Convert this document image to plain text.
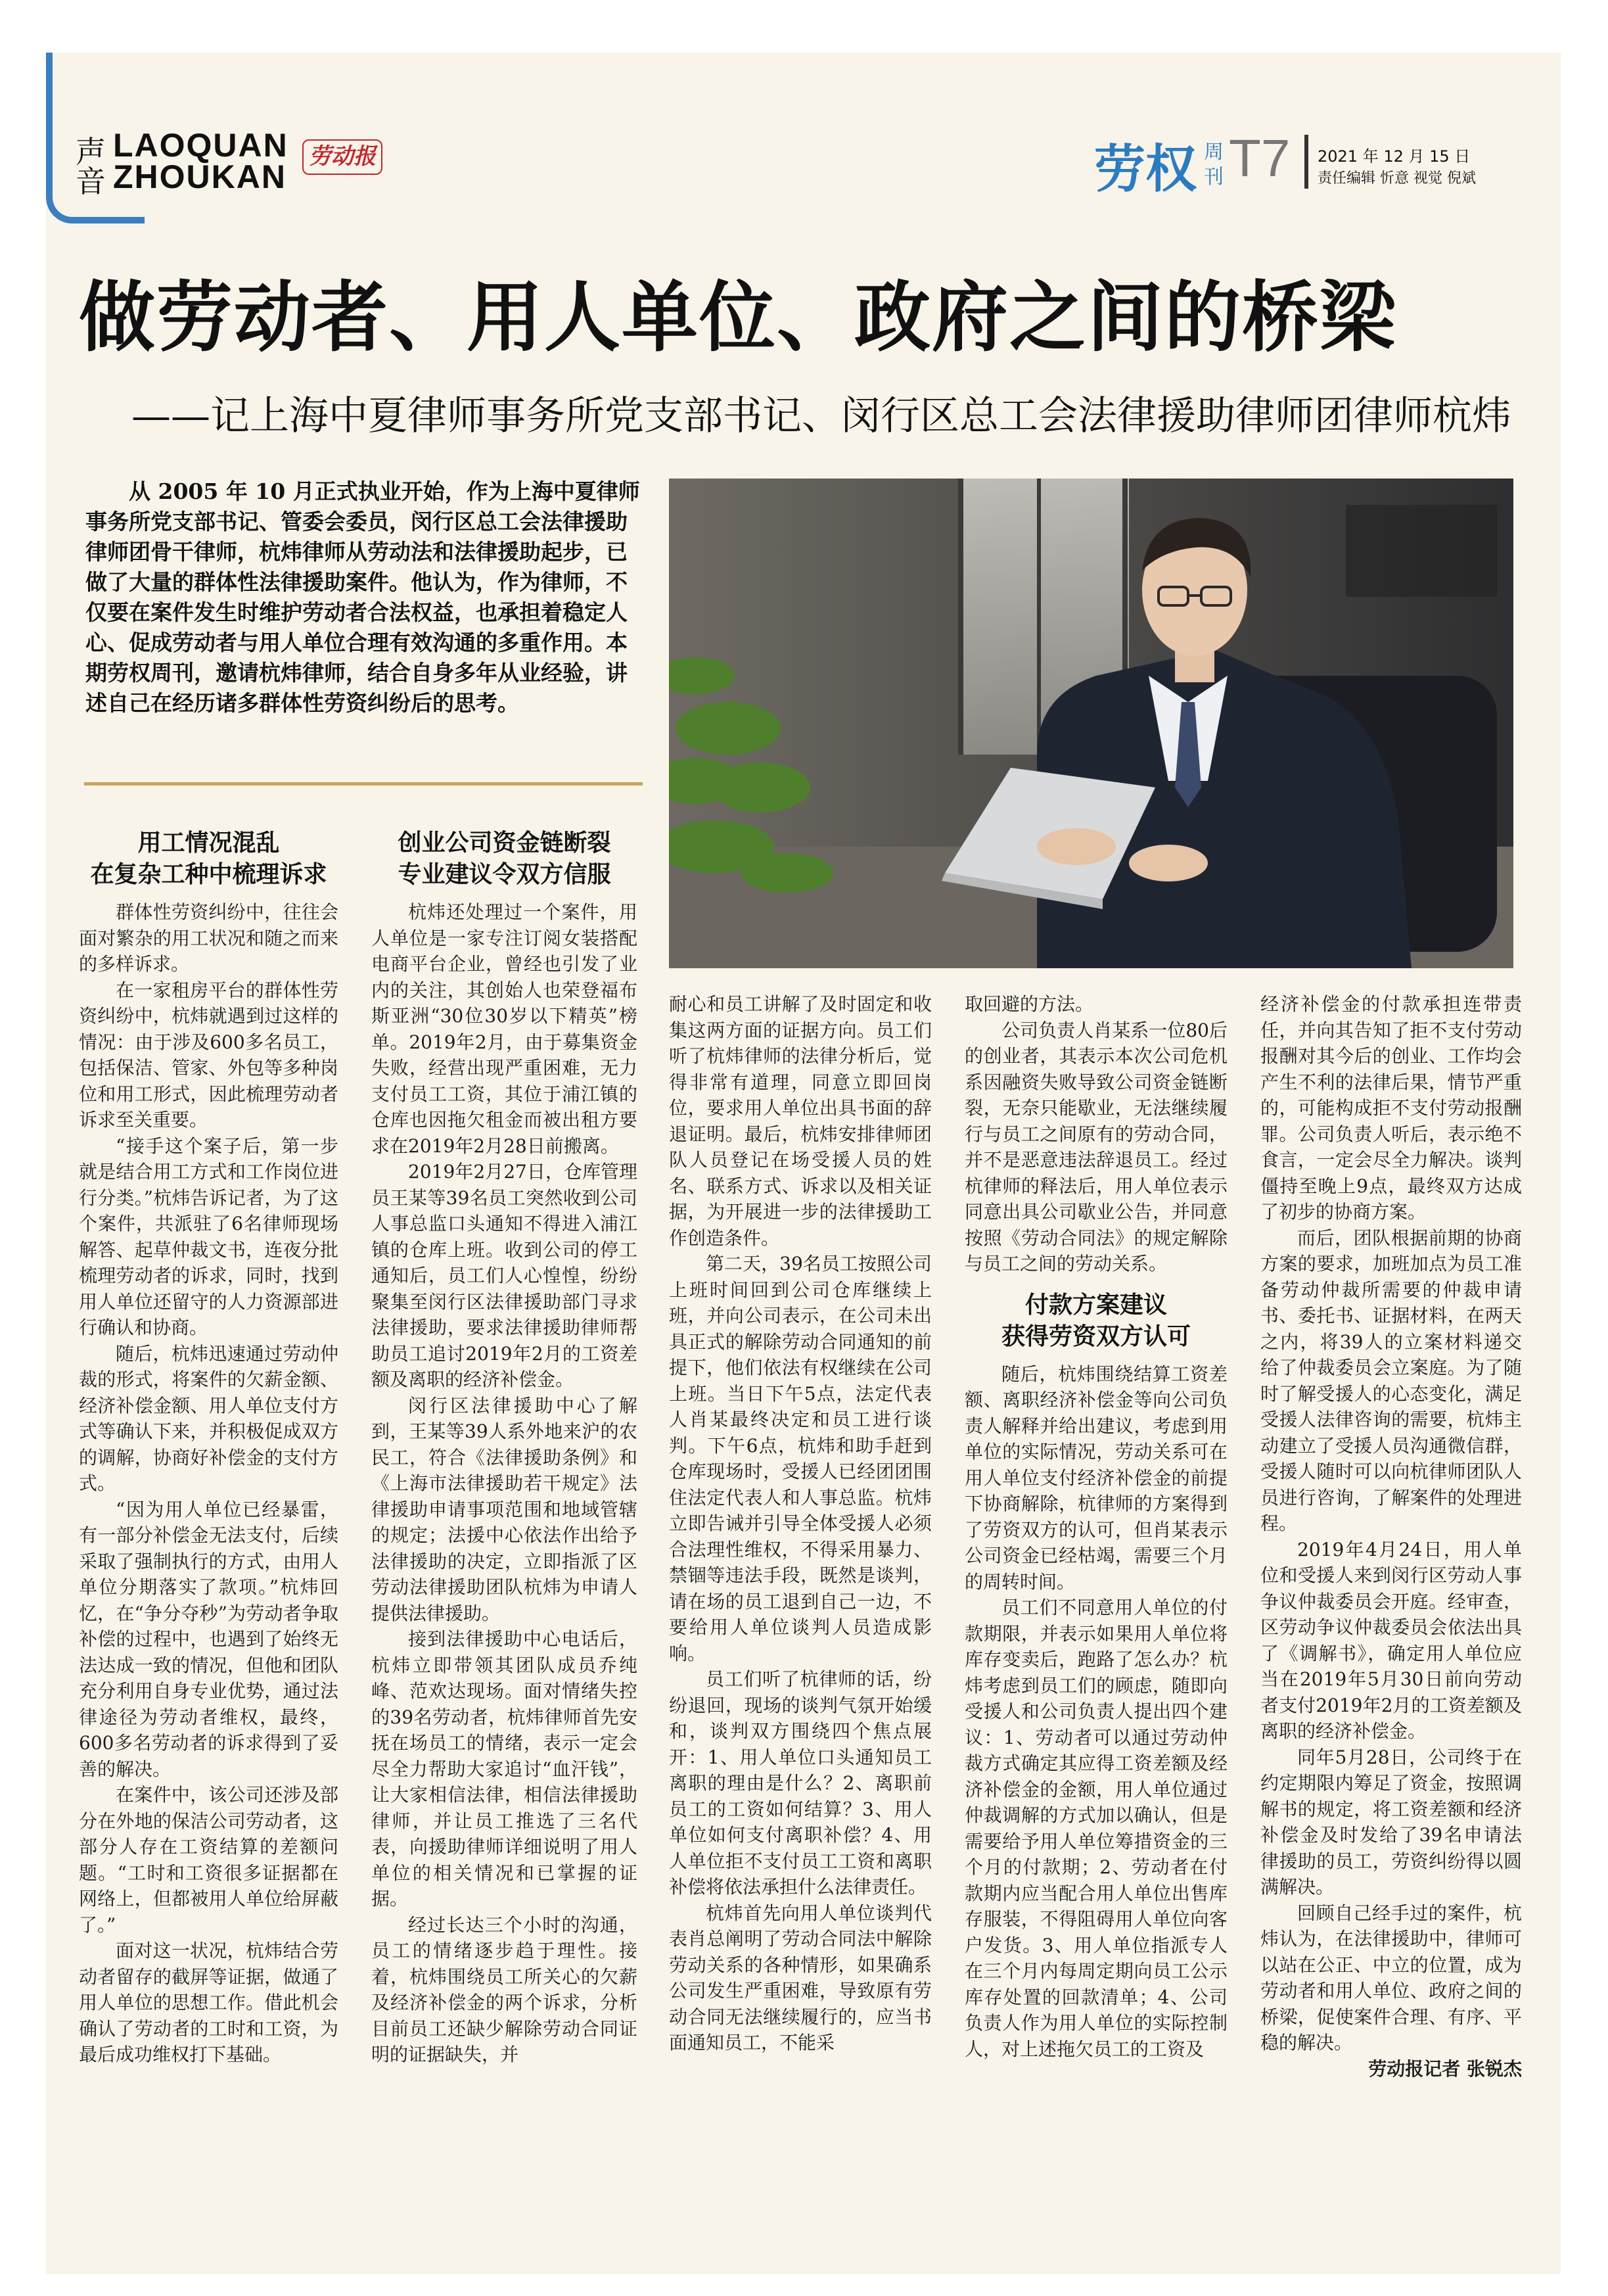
声
音
LAOQUAN
ZHOUKAN
劳动报	劳权 周
刊 T7 2021 年 12 月 15 日
责任编辑 忻意 视觉 倪斌
做劳动者、用人单位、政府之间的桥梁
——记上海中夏律师事务所党支部书记、闵行区总工会法律援助律师团律师杭炜

从 2005 年 10 月正式执业开始，作为上海中夏律师事务所党支部书记、管委会委员，闵行区总工会法律援助律师团骨干律师，杭炜律师从劳动法和法律援助起步，已做了大量的群体性法律援助案件。他认为，作为律师，不仅要在案件发生时维护劳动者合法权益，也承担着稳定人心、促成劳动者与用人单位合理有效沟通的多重作用。本期劳权周刊，邀请杭炜律师，结合自身多年从业经验，讲述自己在经历诸多群体性劳资纠纷后的思考。

用工情况混乱
在复杂工种中梳理诉求

群体性劳资纠纷中，往往会面对繁杂的用工状况和随之而来的多样诉求。

在一家租房平台的群体性劳资纠纷中，杭炜就遇到过这样的情况：由于涉及600多名员工，包括保洁、管家、外包等多种岗位和用工形式，因此梳理劳动者诉求至关重要。

“接手这个案子后，第一步就是结合用工方式和工作岗位进行分类。”杭炜告诉记者，为了这个案件，共派驻了6名律师现场解答、起草仲裁文书，连夜分批梳理劳动者的诉求，同时，找到用人单位还留守的人力资源部进行确认和协商。

随后，杭炜迅速通过劳动仲裁的形式，将案件的欠薪金额、经济补偿金额、用人单位支付方式等确认下来，并积极促成双方的调解，协商好补偿金的支付方式。

“因为用人单位已经暴雷，有一部分补偿金无法支付，后续采取了强制执行的方式，由用人单位分期落实了款项。”杭炜回忆，在“争分夺秒”为劳动者争取补偿的过程中，也遇到了始终无法达成一致的情况，但他和团队充分利用自身专业优势，通过法律途径为劳动者维权，最终，600多名劳动者的诉求得到了妥善的解决。

在案件中，该公司还涉及部分在外地的保洁公司劳动者，这部分人存在工资结算的差额问题。“工时和工资很多证据都在网络上，但都被用人单位给屏蔽了。”

面对这一状况，杭炜结合劳动者留存的截屏等证据，做通了用人单位的思想工作。借此机会确认了劳动者的工时和工资，为最后成功维权打下基础。

创业公司资金链断裂
专业建议令双方信服

杭炜还处理过一个案件，用人单位是一家专注订阅女装搭配电商平台企业，曾经也引发了业内的关注，其创始人也荣登福布斯亚洲“30位30岁以下精英”榜单。2019年2月，由于募集资金失败，经营出现严重困难，无力支付员工工资，其位于浦江镇的仓库也因拖欠租金而被出租方要求在2019年2月28日前搬离。

2019年2月27日，仓库管理员王某等39名员工突然收到公司人事总监口头通知不得进入浦江镇的仓库上班。收到公司的停工通知后，员工们人心惶惶，纷纷聚集至闵行区法律援助部门寻求法律援助，要求法律援助律师帮助员工追讨2019年2月的工资差额及离职的经济补偿金。

闵行区法律援助中心了解到，王某等39人系外地来沪的农民工，符合《法律援助条例》和《上海市法律援助若干规定》法律援助申请事项范围和地域管辖的规定；法援中心依法作出给予法律援助的决定，立即指派了区劳动法律援助团队杭炜为申请人提供法律援助。

接到法律援助中心电话后，杭炜立即带领其团队成员乔纯峰、范欢达现场。面对情绪失控的39名劳动者，杭炜律师首先安抚在场员工的情绪，表示一定会尽全力帮助大家追讨“血汗钱”，让大家相信法律，相信法律援助律师，并让员工推选了三名代表，向援助律师详细说明了用人单位的相关情况和已掌握的证据。

经过长达三个小时的沟通，员工的情绪逐步趋于理性。接着，杭炜围绕员工所关心的欠薪及经济补偿金的两个诉求，分析目前员工还缺少解除劳动合同证明的证据缺失，并

耐心和员工讲解了及时固定和收集这两方面的证据方向。员工们听了杭炜律师的法律分析后，觉得非常有道理，同意立即回岗位，要求用人单位出具书面的辞退证明。最后，杭炜安排律师团队人员登记在场受援人员的姓名、联系方式、诉求以及相关证据，为开展进一步的法律援助工作创造条件。

第二天，39名员工按照公司上班时间回到公司仓库继续上班，并向公司表示，在公司未出具正式的解除劳动合同通知的前提下，他们依法有权继续在公司上班。当日下午5点，法定代表人肖某最终决定和员工进行谈判。下午6点，杭炜和助手赶到仓库现场时，受援人已经团团围住法定代表人和人事总监。杭炜立即告诫并引导全体受援人必须合法理性维权，不得采用暴力、禁锢等违法手段，既然是谈判，请在场的员工退到自己一边，不要给用人单位谈判人员造成影响。

员工们听了杭律师的话，纷纷退回，现场的谈判气氛开始缓和，谈判双方围绕四个焦点展开：1、用人单位口头通知员工离职的理由是什么？2、离职前员工的工资如何结算？3、用人单位如何支付离职补偿？4、用人单位拒不支付员工工资和离职补偿将依法承担什么法律责任。

杭炜首先向用人单位谈判代表肖总阐明了劳动合同法中解除劳动关系的各种情形，如果确系公司发生严重困难，导致原有劳动合同无法继续履行的，应当书面通知员工，不能采

取回避的方法。

公司负责人肖某系一位80后的创业者，其表示本次公司危机系因融资失败导致公司资金链断裂，无奈只能歇业，无法继续履行与员工之间原有的劳动合同，并不是恶意违法辞退员工。经过杭律师的释法后，用人单位表示同意出具公司歇业公告，并同意按照《劳动合同法》的规定解除与员工之间的劳动关系。

付款方案建议
获得劳资双方认可

随后，杭炜围绕结算工资差额、离职经济补偿金等向公司负责人解释并给出建议，考虑到用单位的实际情况，劳动关系可在用人单位支付经济补偿金的前提下协商解除，杭律师的方案得到了劳资双方的认可，但肖某表示公司资金已经枯竭，需要三个月的周转时间。

员工们不同意用人单位的付款期限，并表示如果用人单位将库存变卖后，跑路了怎么办？杭炜考虑到员工们的顾虑，随即向受援人和公司负责人提出四个建议：1、劳动者可以通过劳动仲裁方式确定其应得工资差额及经济补偿金的金额，用人单位通过仲裁调解的方式加以确认，但是需要给予用人单位筹措资金的三个月的付款期；2、劳动者在付款期内应当配合用人单位出售库存服装，不得阻碍用人单位向客户发货。3、用人单位指派专人在三个月内每周定期向员工公示库存处置的回款清单；4、公司负责人作为用人单位的实际控制人，对上述拖欠员工的工资及

经济补偿金的付款承担连带责任，并向其告知了拒不支付劳动报酬对其今后的创业、工作均会产生不利的法律后果，情节严重的，可能构成拒不支付劳动报酬罪。公司负责人听后，表示绝不食言，一定会尽全力解决。谈判僵持至晚上9点，最终双方达成了初步的协商方案。

而后，团队根据前期的协商方案的要求，加班加点为员工准备劳动仲裁所需要的仲裁申请书、委托书、证据材料，在两天之内，将39人的立案材料递交给了仲裁委员会立案庭。为了随时了解受援人的心态变化，满足受援人法律咨询的需要，杭炜主动建立了受援人员沟通微信群，受援人随时可以向杭律师团队人员进行咨询，了解案件的处理进程。

2019年4月24日，用人单位和受援人来到闵行区劳动人事争议仲裁委员会开庭。经审查，区劳动争议仲裁委员会依法出具了《调解书》，确定用人单位应当在2019年5月30日前向劳动者支付2019年2月的工资差额及离职的经济补偿金。

同年5月28日，公司终于在约定期限内筹足了资金，按照调解书的规定，将工资差额和经济补偿金及时发给了39名申请法律援助的员工，劳资纠纷得以圆满解决。

回顾自己经手过的案件，杭炜认为，在法律援助中，律师可以站在公正、中立的位置，成为劳动者和用人单位、政府之间的桥梁，促使案件合理、有序、平稳的解决。

劳动报记者 张锐杰
